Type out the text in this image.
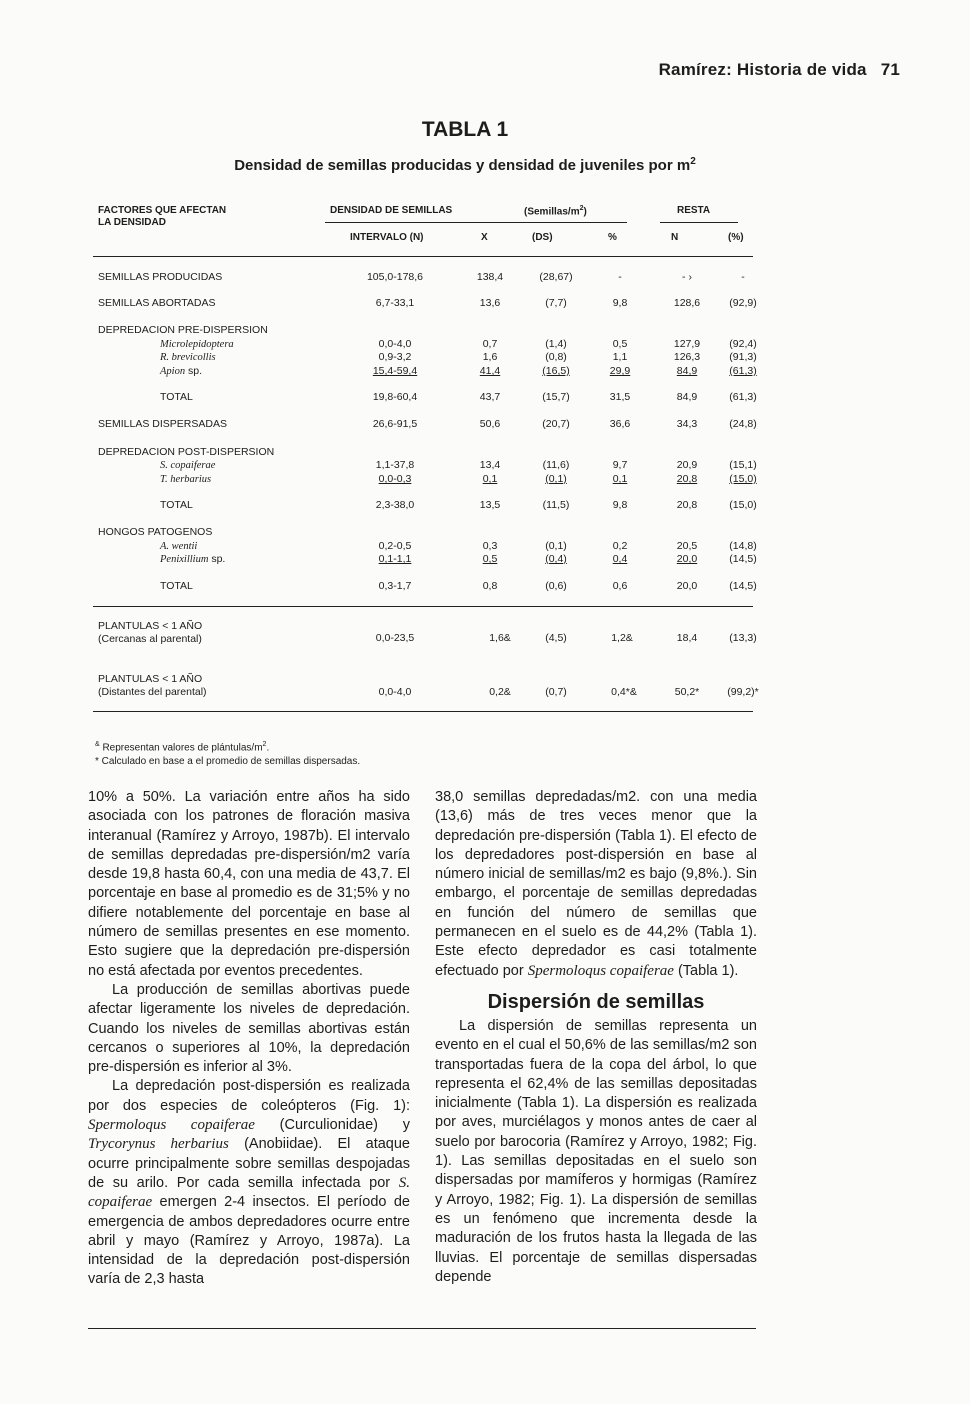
Ramírez: Historia de vida 71
TABLA 1
Densidad de semillas producidas y densidad de juveniles por $m^2$
FACTORES QUE AFECTAN
LA DENSIDAD
DENSIDAD DE SEMILLAS	$(Semillas/m^2)$	RESTA
INTERVALO (N)	X	(DS)	%	N	(%)
SEMILLAS PRODUCIDAS	105,0-178,6	138,4	(28,67)	-	- ›	-
SEMILLAS ABORTADAS	6,7-33,1	13,6	(7,7)	9,8	128,6	(92,9)
DEPREDACION PRE-DISPERSION
Microlepidoptera	0,0-4,0	0,7	(1,4)	0,5	127,9	(92,4)
R. brevicollis	0,9-3,2	1,6	(0,8)	1,1	126,3	(91,3)
Apion sp.	15,4-59,4	41,4	(16,5)	29,9	84,9	(61,3)
TOTAL	19,8-60,4	43,7	(15,7)	31,5	84,9	(61,3)
SEMILLAS DISPERSADAS	26,6-91,5	50,6	(20,7)	36,6	34,3	(24,8)
DEPREDACION POST-DISPERSION
S. copaiferae	1,1-37,8	13,4	(11,6)	9,7	20,9	(15,1)
T. herbarius	0,0-0,3	0,1	(0,1)	0,1	20,8	(15,0)
TOTAL	2,3-38,0	13,5	(11,5)	9,8	20,8	(15,0)
HONGOS PATOGENOS
A. wentii	0,2-0,5	0,3	(0,1)	0,2	20,5	(14,8)
Penixillium sp.	0,1-1,1	0,5	(0,4)	0,4	20,0	(14,5)
TOTAL	0,3-1,7	0,8	(0,6)	0,6	20,0	(14,5)
PLANTULAS < 1 AÑO
(Cercanas al parental)	0,0-23,5	1,6&	(4,5)	1,2&	18,4	(13,3)
PLANTULAS < 1 AÑO
(Distantes del parental)	0,0-4,0	0,2&	(0,7)	0,4*&	50,2*	(99,2)*
& Representan valores de plántulas/$m^2$.
* Calculado en base a el promedio de semillas dispersadas.

10% a 50%. La variación entre años ha sido asociada con los patrones de floración masiva interanual (Ramírez y Arroyo, 1987b). El intervalo de semillas depredadas pre-dispersión/m2 varía desde 19,8 hasta 60,4, con una media de 43,7. El porcentaje en base al promedio es de 31;5% y no difiere notablemente del porcentaje en base al número de semillas presentes en ese momento. Esto sugiere que la depredación pre-dispersión no está afectada por eventos precedentes.

La producción de semillas abortivas puede afectar ligeramente los niveles de depredación. Cuando los niveles de semillas abortivas están cercanos o superiores al 10%, la depredación pre-dispersión es inferior al 3%.

La depredación post-dispersión es realizada por dos especies de coleópteros (Fig. 1): Spermoloqus copaiferae (Curculionidae) y Trycorynus herbarius (Anobiidae). El ataque ocurre principalmente sobre semillas despojadas de su arilo. Por cada semilla infectada por S. copaiferae emergen 2-4 insectos. El período de emergencia de ambos depredadores ocurre entre abril y mayo (Ramírez y Arroyo, 1987a). La intensidad de la depredación post-dispersión varía de 2,3 hasta

38,0 semillas depredadas/m2. con una media (13,6) más de tres veces menor que la depredación pre-dispersión (Tabla 1). El efecto de los depredadores post-dispersión en base al número inicial de semillas/m2 es bajo (9,8%.). Sin embargo, el porcentaje de semillas depredadas en función del número de semillas que permanecen en el suelo es de 44,2% (Tabla 1). Este efecto depredador es casi totalmente efectuado por Spermoloqus copaiferae (Tabla 1).

Dispersión de semillas

La dispersión de semillas representa un evento en el cual el 50,6% de las semillas/m2 son transportadas fuera de la copa del árbol, lo que representa el 62,4% de las semillas depositadas inicialmente (Tabla 1). La dispersión es realizada por aves, murciélagos y monos antes de caer al suelo por barocoria (Ramírez y Arroyo, 1982; Fig. 1). Las semillas depositadas en el suelo son dispersadas por mamíferos y hormigas (Ramírez y Arroyo, 1982; Fig. 1). La dispersión de semillas es un fenómeno que incrementa desde la maduración de los frutos hasta la llegada de las lluvias. El porcentaje de semillas dispersadas depende
